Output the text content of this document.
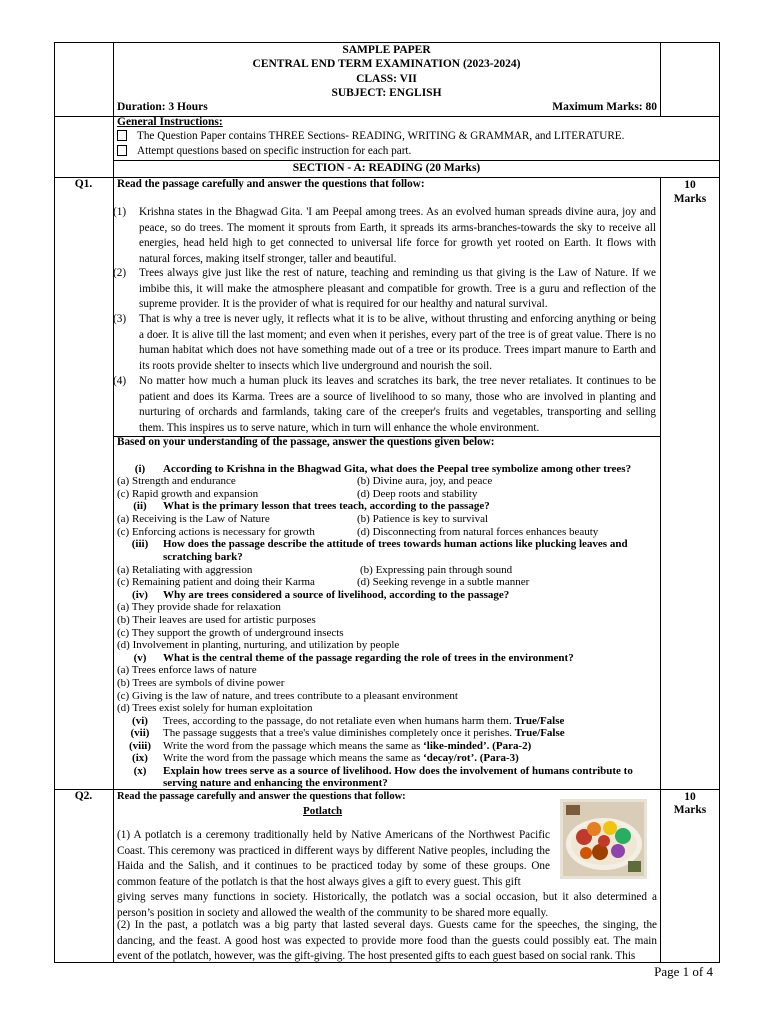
SAMPLE PAPER
CENTRAL END TERM EXAMINATION (2023-2024)
CLASS: VII
SUBJECT: ENGLISH
Duration: 3 Hours	Maximum Marks: 80
General Instructions:
The Question Paper contains THREE Sections- READING, WRITING & GRAMMAR, and LITERATURE.
Attempt questions based on specific instruction for each part.
SECTION - A: READING (20 Marks)
Q1.	10
Marks
Read the passage carefully and answer the questions that follow:
(1)	Krishna states in the Bhagwad Gita. 'I am Peepal among trees. As an evolved human spreads divine aura, joy and peace, so do trees. The moment it sprouts from Earth, it spreads its arms-branches-towards the sky to receive all energies, head held high to get connected to universal life force for growth yet rooted on Earth. It flows with natural forces, making itself stronger, taller and beautiful.
(2)	Trees always give just like the rest of nature, teaching and reminding us that giving is the Law of Nature. If we imbibe this, it will make the atmosphere pleasant and compatible for growth. Tree is a guru and reflection of the supreme provider. It is the provider of what is required for our healthy and natural survival.
(3)	That is why a tree is never ugly, it reflects what it is to be alive, without thrusting and enforcing anything or being a doer. It is alive till the last moment; and even when it perishes, every part of the tree is of great value. There is no human habitat which does not have something made out of a tree or its produce. Trees impart manure to Earth and its roots provide shelter to insects which live underground and nourish the soil.
(4)	No matter how much a human pluck its leaves and scratches its bark, the tree never retaliates. It continues to be patient and does its Karma. Trees are a source of livelihood to so many, those who are involved in planting and nurturing of orchards and farmlands, taking care of the creeper's fruits and vegetables, transporting and selling them. This inspires us to serve nature, which in turn will enhance the whole environment.
Based on your understanding of the passage, answer the questions given below:
(i) According to Krishna in the Bhagwad Gita, what does the Peepal tree symbolize among other trees?
(a) Strength and endurance	(b) Divine aura, joy, and peace
(c) Rapid growth and expansion	(d) Deep roots and stability
(ii) What is the primary lesson that trees teach, according to the passage?
(a) Receiving is the Law of Nature	(b) Patience is key to survival
(c) Enforcing actions is necessary for growth	(d) Disconnecting from natural forces enhances beauty
(iii) How does the passage describe the attitude of trees towards human actions like plucking leaves and
scratching bark?
(a) Retaliating with aggression	(b) Expressing pain through sound
(c) Remaining patient and doing their Karma	(d) Seeking revenge in a subtle manner
(iv) Why are trees considered a source of livelihood, according to the passage?
(a) They provide shade for relaxation
(b) Their leaves are used for artistic purposes
(c) They support the growth of underground insects
(d) Involvement in planting, nurturing, and utilization by people
(v) What is the central theme of the passage regarding the role of trees in the environment?
(a) Trees enforce laws of nature
(b) Trees are symbols of divine power
(c) Giving is the law of nature, and trees contribute to a pleasant environment
(d) Trees exist solely for human exploitation
(vi) Trees, according to the passage, do not retaliate even when humans harm them. True/False
(vii) The passage suggests that a tree's value diminishes completely once it perishes. True/False
(viii) Write the word from the passage which means the same as ‘like-minded’. (Para-2)
(ix) Write the word from the passage which means the same as ‘decay/rot’. (Para-3)
(x) Explain how trees serve as a source of livelihood. How does the involvement of humans contribute to
serving nature and enhancing the environment?
Q2.	10
Marks
Read the passage carefully and answer the questions that follow:
Potlatch
(1) A potlatch is a ceremony traditionally held by Native Americans of the Northwest Pacific Coast. This ceremony was practiced in different ways by different Native peoples, including the Haida and the Salish, and it continues to be practiced today by some of these groups. One common feature of the potlatch is that the host always gives a gift to every guest. This gift
giving serves many functions in society. Historically, the potlatch was a social occasion, but it also determined a person’s position in society and allowed the wealth of the community to be shared more equally.
(2) In the past, a potlatch was a big party that lasted several days. Guests came for the speeches, the singing, the dancing, and the feast. A good host was expected to provide more food than the guests could possibly eat. The main event of the potlatch, however, was the gift-giving. The host presented gifts to each guest based on social rank. This
Page 1 of 4
